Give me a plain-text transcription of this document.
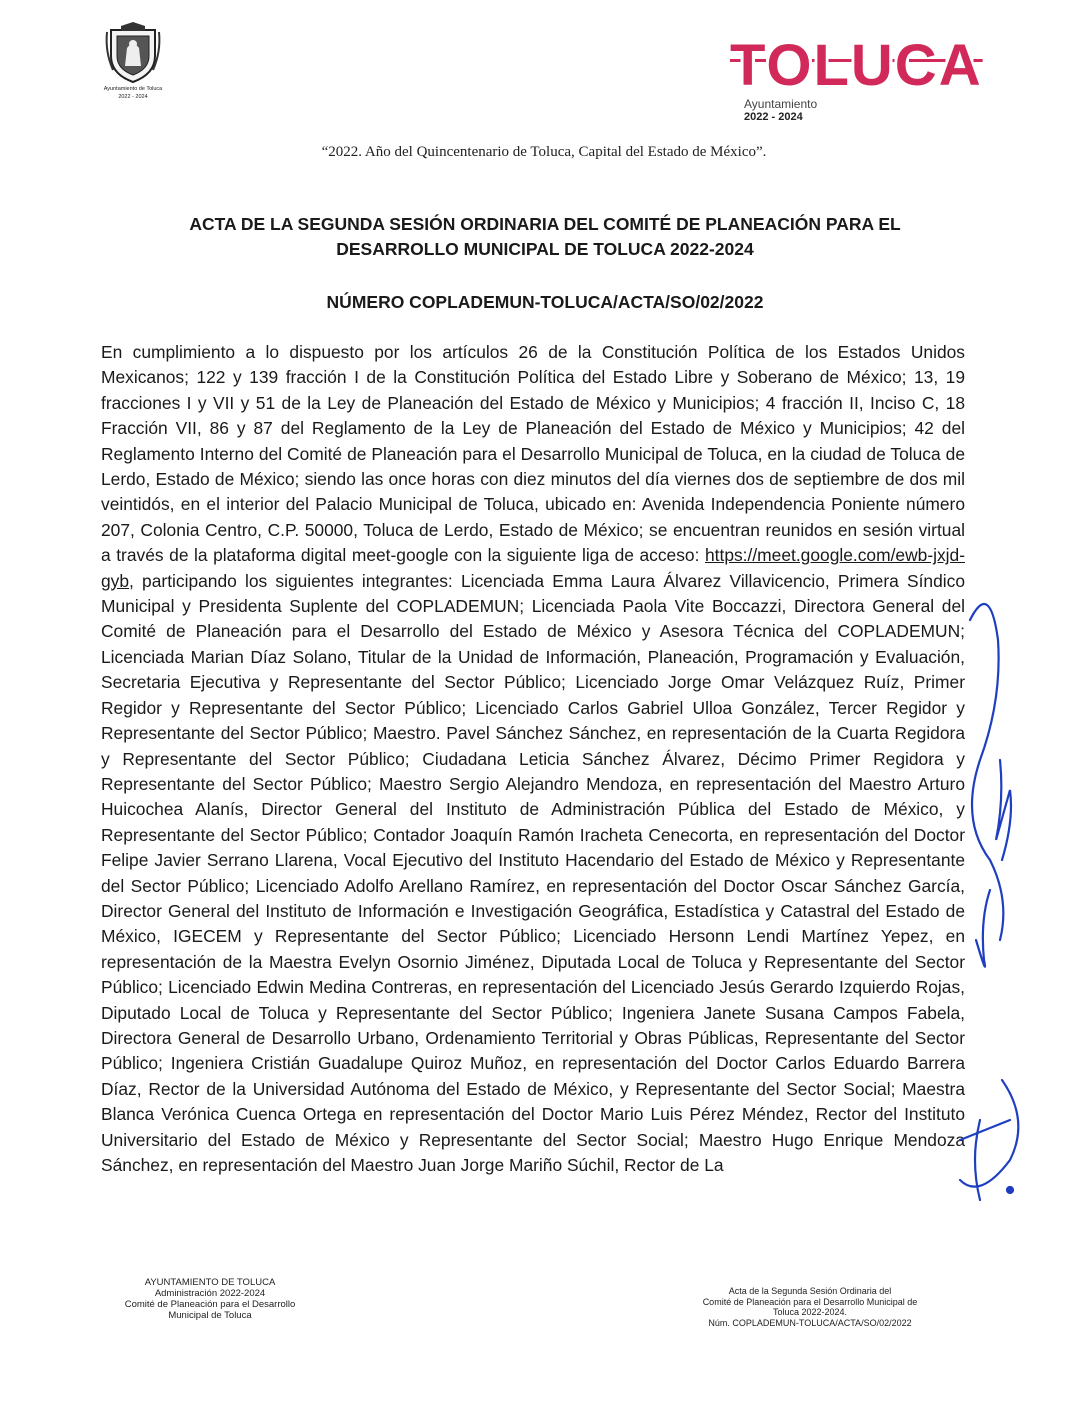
Ayuntamiento de Toluca
2022 - 2024	TOLUCA
Ayuntamiento
2022 - 2024
“2022. Año del Quincentenario de Toluca, Capital del Estado de México”.
ACTA DE LA SEGUNDA SESIÓN ORDINARIA DEL COMITÉ DE PLANEACIÓN PARA EL
DESARROLLO MUNICIPAL DE TOLUCA 2022-2024
NÚMERO COPLADEMUN-TOLUCA/ACTA/SO/02/2022
En cumplimiento a lo dispuesto por los artículos 26 de la Constitución Política de los Estados Unidos Mexicanos; 122 y 139 fracción I de la Constitución Política del Estado Libre y Soberano de México; 13, 19 fracciones I y VII y 51 de la Ley de Planeación del Estado de México y Municipios; 4 fracción II, Inciso C, 18 Fracción VII, 86 y 87 del Reglamento de la Ley de Planeación del Estado de México y Municipios; 42 del Reglamento Interno del Comité de Planeación para el Desarrollo Municipal de Toluca, en la ciudad de Toluca de Lerdo, Estado de México; siendo las once horas con diez minutos del día viernes dos de septiembre de dos mil veintidós, en el interior del Palacio Municipal de Toluca, ubicado en: Avenida Independencia Poniente número 207, Colonia Centro, C.P. 50000, Toluca de Lerdo, Estado de México; se encuentran reunidos en sesión virtual a través de la plataforma digital meet-google con la siguiente liga de acceso: https://meet.google.com/ewb-jxjd-gyb, participando los siguientes integrantes: Licenciada Emma Laura Álvarez Villavicencio, Primera Síndico Municipal y Presidenta Suplente del COPLADEMUN; Licenciada Paola Vite Boccazzi, Directora General del Comité de Planeación para el Desarrollo del Estado de México y Asesora Técnica del COPLADEMUN; Licenciada Marian Díaz Solano, Titular de la Unidad de Información, Planeación, Programación y Evaluación, Secretaria Ejecutiva y Representante del Sector Público; Licenciado Jorge Omar Velázquez Ruíz, Primer Regidor y Representante del Sector Público; Licenciado Carlos Gabriel Ulloa González, Tercer Regidor y Representante del Sector Público; Maestro. Pavel Sánchez Sánchez, en representación de la Cuarta Regidora y Representante del Sector Público; Ciudadana Leticia Sánchez Álvarez, Décimo Primer Regidora y Representante del Sector Público; Maestro Sergio Alejandro Mendoza, en representación del Maestro Arturo Huicochea Alanís, Director General del Instituto de Administración Pública del Estado de México, y Representante del Sector Público; Contador Joaquín Ramón Iracheta Cenecorta, en representación del Doctor Felipe Javier Serrano Llarena, Vocal Ejecutivo del Instituto Hacendario del Estado de México y Representante del Sector Público; Licenciado Adolfo Arellano Ramírez, en representación del Doctor Oscar Sánchez García, Director General del Instituto de Información e Investigación Geográfica, Estadística y Catastral del Estado de México, IGECEM y Representante del Sector Público; Licenciado Hersonn Lendi Martínez Yepez, en representación de la Maestra Evelyn Osornio Jiménez, Diputada Local de Toluca y Representante del Sector Público; Licenciado Edwin Medina Contreras, en representación del Licenciado Jesús Gerardo Izquierdo Rojas, Diputado Local de Toluca y Representante del Sector Público; Ingeniera Janete Susana Campos Fabela, Directora General de Desarrollo Urbano, Ordenamiento Territorial y Obras Públicas, Representante del Sector Público; Ingeniera Cristián Guadalupe Quiroz Muñoz, en representación del Doctor Carlos Eduardo Barrera Díaz, Rector de la Universidad Autónoma del Estado de México, y Representante del Sector Social; Maestra Blanca Verónica Cuenca Ortega en representación del Doctor Mario Luis Pérez Méndez, Rector del Instituto Universitario del Estado de México y Representante del Sector Social; Maestro Hugo Enrique Mendoza Sánchez, en representación del Maestro Juan Jorge Mariño Súchil, Rector de La
AYUNTAMIENTO DE TOLUCA
Administración 2022-2024
Comité de Planeación para el Desarrollo
Municipal de Toluca
Acta de la Segunda Sesión Ordinaria del
Comité de Planeación para el Desarrollo Municipal de
Toluca 2022-2024.
Núm. COPLADEMUN-TOLUCA/ACTA/SO/02/2022
